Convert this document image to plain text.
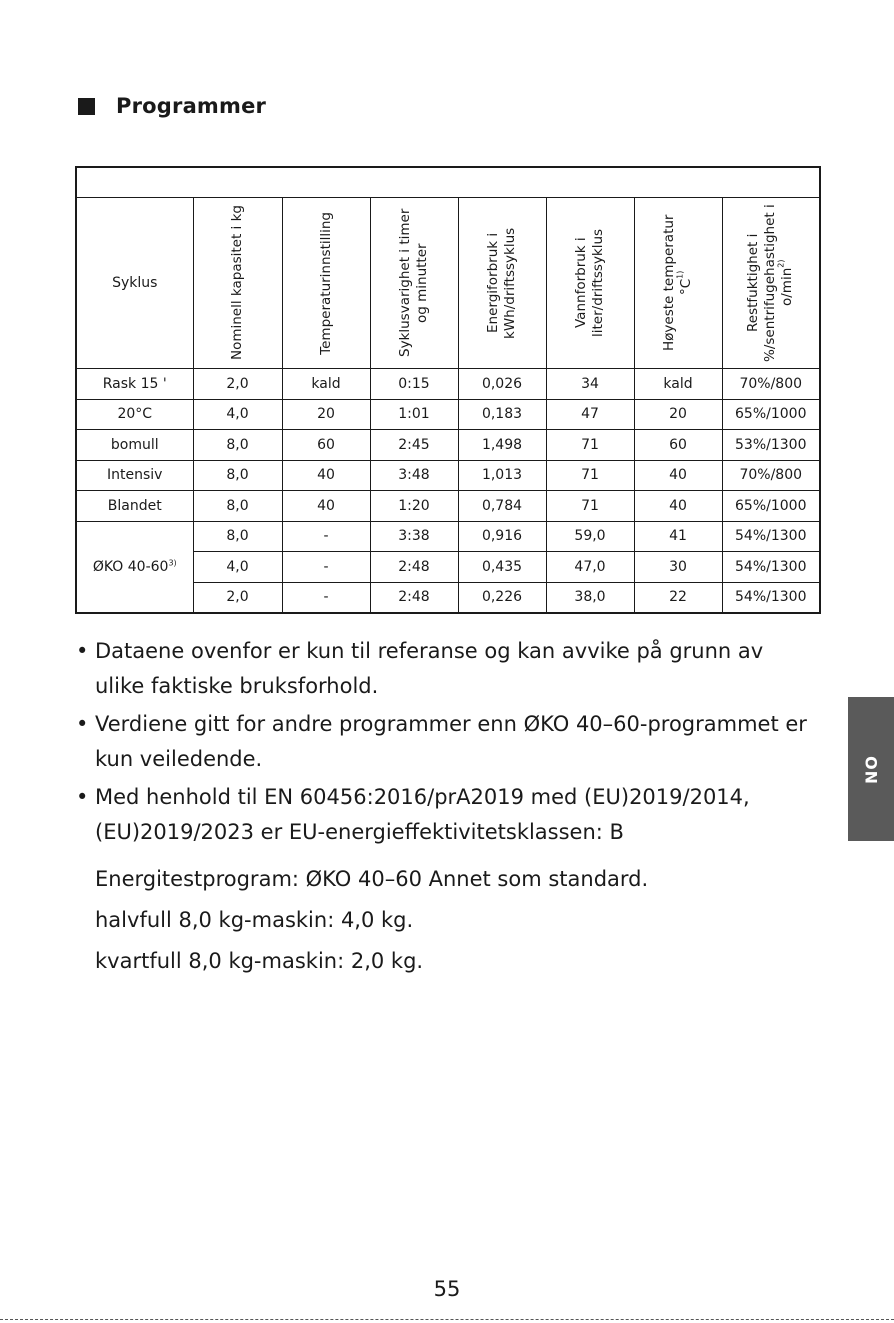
Programmer

Syklus	Nominell kapasitet i kg	Temperaturinnstilling	Syklusvarighet i timer og minutter	Energiforbruk i kWh/driftssyklus	Vannforbruk i liter/driftssyklus	Høyeste temperatur $^\circ C^{1)}$	Restfuktighet i %/sentrifugehastighet i $o/\min^{2)}$

Rask 15 '	2,0	kald	0:15	0,026	34	kald	70%/800
20°C	4,0	20	1:01	0,183	47	20	65%/1000
bomull	8,0	60	2:45	1,498	71	60	53%/1300
Intensiv	8,0	40	3:48	1,013	71	40	70%/800
Blandet	8,0	40	1:20	0,784	71	40	65%/1000
ØKO 40-60$^{3)}$	8,0	-	3:38	0,916	59,0	41	54%/1300
	4,0	-	2:48	0,435	47,0	30	54%/1300
	2,0	-	2:48	0,226	38,0	22	54%/1300
• Dataene ovenfor er kun til referanse og kan avvike på grunn av ulike faktiske bruksforhold.
• Verdiene gitt for andre programmer enn ØKO 40–60-programmet er kun veiledende.
• Med henhold til EN 60456:2016/prA2019 med (EU)2019/2014, (EU)2019/2023 er EU-energieffektivitetsklassen: B
Energitestprogram: ØKO 40–60 Annet som standard.
halvfull 8,0 kg-maskin: 4,0 kg.
kvartfull 8,0 kg-maskin: 2,0 kg.
NO
55
